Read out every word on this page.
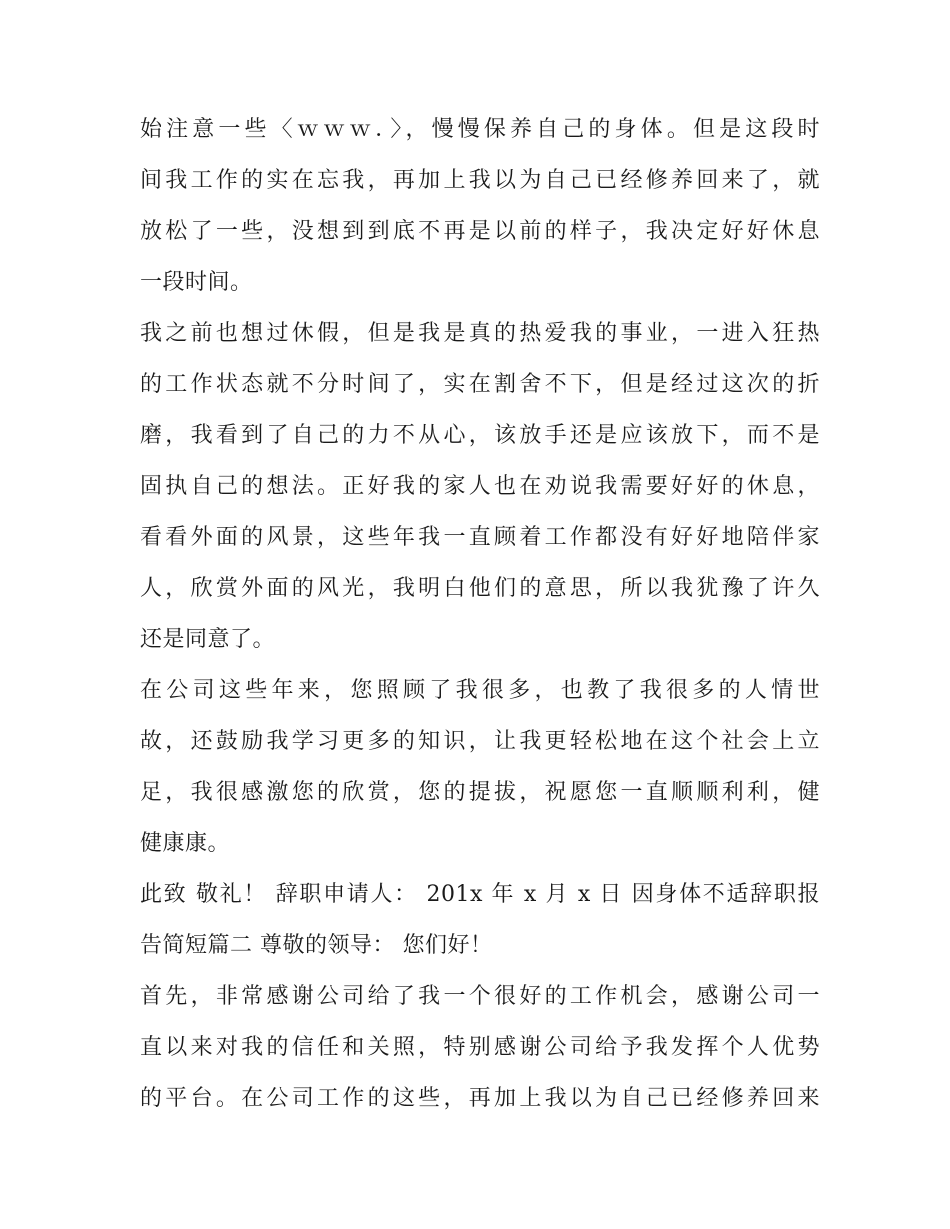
始注意一些〈ｗｗｗ．〉，慢慢保养自己的身体。但是这段时
间我工作的实在忘我，再加上我以为自己已经修养回来了，就
放松了一些，没想到到底不再是以前的样子，我决定好好休息
一段时间。
我之前也想过休假，但是我是真的热爱我的事业，一进入狂热
的工作状态就不分时间了，实在割舍不下，但是经过这次的折
磨，我看到了自己的力不从心，该放手还是应该放下，而不是
固执自己的想法。正好我的家人也在劝说我需要好好的休息，
看看外面的风景，这些年我一直顾着工作都没有好好地陪伴家
人，欣赏外面的风光，我明白他们的意思，所以我犹豫了许久
还是同意了。
在公司这些年来，您照顾了我很多，也教了我很多的人情世
故，还鼓励我学习更多的知识，让我更轻松地在这个社会上立
足，我很感激您的欣赏，您的提拔，祝愿您一直顺顺利利，健
健康康。
此致 敬礼！ 辞职申请人： 201x 年 x 月 x 日 因身体不适辞职报
告简短篇二 尊敬的领导： 您们好！
首先，非常感谢公司给了我一个很好的工作机会，感谢公司一
直以来对我的信任和关照，特别感谢公司给予我发挥个人优势
的平台。在公司工作的这些，再加上我以为自己已经修养回来
